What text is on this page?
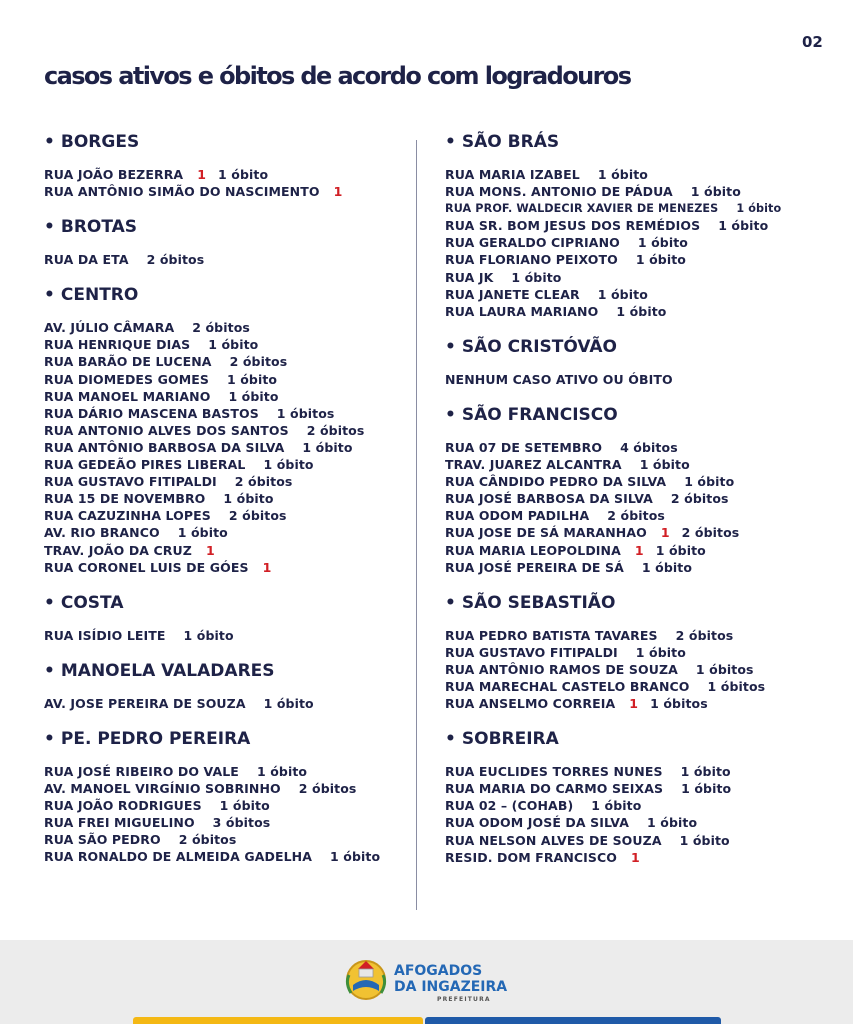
02
casos ativos e óbitos de acordo com logradouros
• BORGES
RUA JOÃO BEZERRA 1 1 óbito
RUA ANTÔNIO SIMÃO DO NASCIMENTO 1
• BROTAS
RUA DA ETA 2 óbitos
• CENTRO
AV. JÚLIO CÂMARA 2 óbitos
RUA HENRIQUE DIAS 1 óbito
RUA BARÃO DE LUCENA 2 óbitos
RUA DIOMEDES GOMES 1 óbito
RUA MANOEL MARIANO 1 óbito
RUA DÁRIO MASCENA BASTOS 1 óbitos
RUA ANTONIO ALVES DOS SANTOS 2 óbitos
RUA ANTÔNIO BARBOSA DA SILVA 1 óbito
RUA GEDEÃO PIRES LIBERAL 1 óbito
RUA GUSTAVO FITIPALDI 2 óbitos
RUA 15 DE NOVEMBRO 1 óbito
RUA CAZUZINHA LOPES 2 óbitos
AV. RIO BRANCO 1 óbito
TRAV. JOÃO DA CRUZ 1
RUA CORONEL LUIS DE GÓES 1
• COSTA
RUA ISÍDIO LEITE 1 óbito
• MANOELA VALADARES
AV. JOSE PEREIRA DE SOUZA 1 óbito
• PE. PEDRO PEREIRA
RUA JOSÉ RIBEIRO DO VALE 1 óbito
AV. MANOEL VIRGÍNIO SOBRINHO 2 óbitos
RUA JOÃO RODRIGUES 1 óbito
RUA FREI MIGUELINO 3 óbitos
RUA SÃO PEDRO 2 óbitos
RUA RONALDO DE ALMEIDA GADELHA 1 óbito
• SÃO BRÁS
RUA MARIA IZABEL 1 óbito
RUA MONS. ANTONIO DE PÁDUA 1 óbito
RUA PROF. WALDECIR XAVIER DE MENEZES 1 óbito
RUA SR. BOM JESUS DOS REMÉDIOS 1 óbito
RUA GERALDO CIPRIANO 1 óbito
RUA FLORIANO PEIXOTO 1 óbito
RUA JK 1 óbito
RUA JANETE CLEAR 1 óbito
RUA LAURA MARIANO 1 óbito
• SÃO CRISTÓVÃO
NENHUM CASO ATIVO OU ÓBITO
• SÃO FRANCISCO
RUA 07 DE SETEMBRO 4 óbitos
TRAV. JUAREZ ALCANTRA 1 óbito
RUA CÂNDIDO PEDRO DA SILVA 1 óbito
RUA JOSÉ BARBOSA DA SILVA 2 óbitos
RUA ODOM PADILHA 2 óbitos
RUA JOSE DE SÁ MARANHAO 1 2 óbitos
RUA MARIA LEOPOLDINA 1 1 óbito
RUA JOSÉ PEREIRA DE SÁ 1 óbito
• SÃO SEBASTIÃO
RUA PEDRO BATISTA TAVARES 2 óbitos
RUA GUSTAVO FITIPALDI 1 óbito
RUA ANTÔNIO RAMOS DE SOUZA 1 óbitos
RUA MARECHAL CASTELO BRANCO 1 óbitos
RUA ANSELMO CORREIA 1 1 óbitos
• SOBREIRA
RUA EUCLIDES TORRES NUNES 1 óbito
RUA MARIA DO CARMO SEIXAS 1 óbito
RUA 02 – (COHAB) 1 óbito
RUA ODOM JOSÉ DA SILVA 1 óbito
RUA NELSON ALVES DE SOUZA 1 óbito
RESID. DOM FRANCISCO 1
AFOGADOS
DA INGAZEIRA
PREFEITURA
